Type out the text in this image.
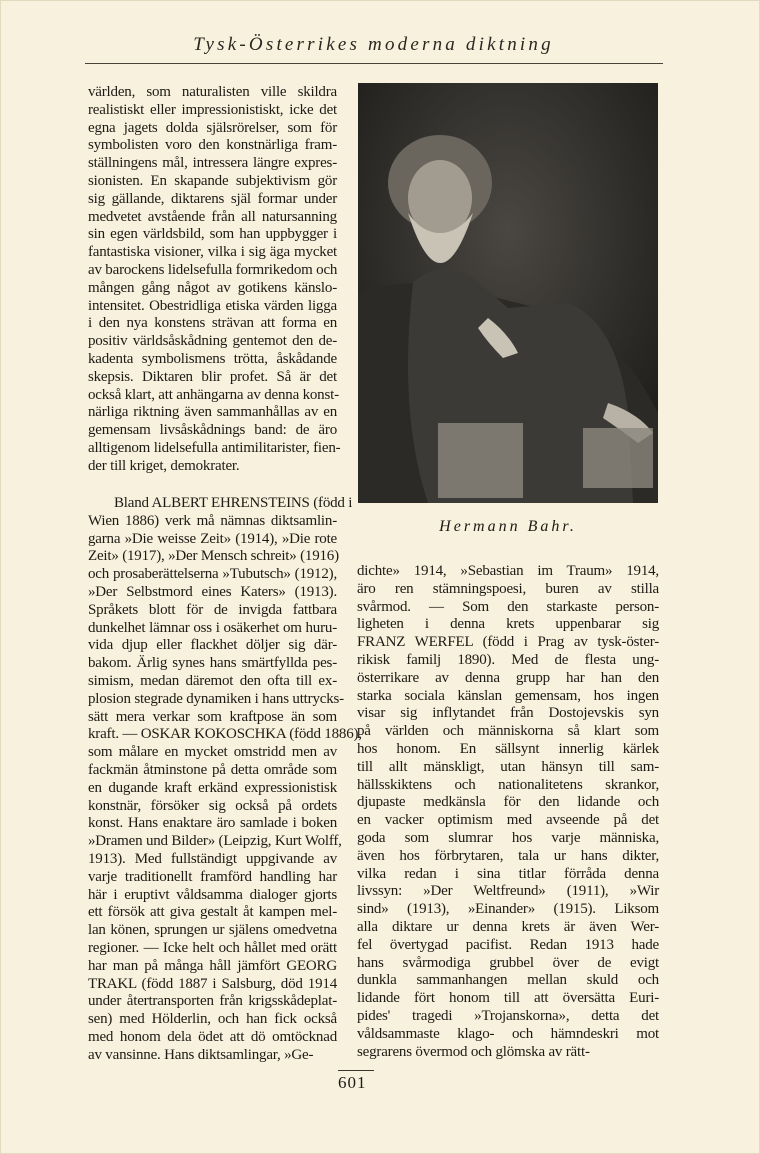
Tysk-Österrikes moderna diktning
världen, som naturalisten ville skildra
realistiskt eller impressionistiskt, icke det
egna jagets dolda själsrörelser, som för
symbolisten voro den konstnärliga fram-
ställningens mål, intressera längre expres-
sionisten. En skapande subjektivism gör
sig gällande, diktarens själ formar under
medvetet avstående från all natursanning
sin egen världsbild, som han uppbygger i
fantastiska visioner, vilka i sig äga mycket
av barockens lidelsefulla formrikedom och
mången gång något av gotikens känslo-
intensitet. Obestridliga etiska värden ligga
i den nya konstens strävan att forma en
positiv världsåskådning gentemot den de-
kadenta symbolismens trötta, åskådande
skepsis. Diktaren blir profet. Så är det
också klart, att anhängarna av denna konst-
närliga riktning även sammanhållas av en
gemensam livsåskådnings band: de äro
alltigenom lidelsefulla antimilitarister, fien-
der till kriget, demokrater.
Bland ALBERT EHRENSTEINS (född i
Wien 1886) verk må nämnas diktsamlin-
garna »Die weisse Zeit» (1914), »Die rote
Zeit» (1917), »Der Mensch schreit» (1916)
och prosaberättelserna »Tubutsch» (1912),
»Der Selbstmord eines Katers» (1913).
Språkets blott för de invigda fattbara
dunkelhet lämnar oss i osäkerhet om huru-
vida djup eller flackhet döljer sig där-
bakom. Ärlig synes hans smärtfyllda pes-
simism, medan däremot den ofta till ex-
plosion stegrade dynamiken i hans uttrycks-
sätt mera verkar som kraftpose än som
kraft. — OSKAR KOKOSCHKA (född 1886),
som målare en mycket omstridd men av
fackmän åtminstone på detta område som
en dugande kraft erkänd expressionistisk
konstnär, försöker sig också på ordets
konst. Hans enaktare äro samlade i boken
»Dramen und Bilder» (Leipzig, Kurt Wolff,
1913). Med fullständigt uppgivande av
varje traditionellt framförd handling har
här i eruptivt våldsamma dialoger gjorts
ett försök att giva gestalt åt kampen mel-
lan könen, sprungen ur själens omedvetna
regioner. — Icke helt och hållet med orätt
har man på många håll jämfört GEORG
TRAKL (född 1887 i Salsburg, död 1914
under återtransporten från krigsskådeplat-
sen) med Hölderlin, och han fick också
med honom dela ödet att dö omtöcknad
av vansinne. Hans diktsamlingar, »Ge-
Hermann Bahr.
dichte» 1914, »Sebastian im Traum» 1914,
äro ren stämningspoesi, buren av stilla
svårmod. — Som den starkaste person-
ligheten i denna krets uppenbarar sig
FRANZ WERFEL (född i Prag av tysk-öster-
rikisk familj 1890). Med de flesta ung-
österrikare av denna grupp har han den
starka sociala känslan gemensam, hos ingen
visar sig inflytandet från Dostojevskis syn
på världen och människorna så klart som
hos honom. En sällsynt innerlig kärlek
till allt mänskligt, utan hänsyn till sam-
hällsskiktens och nationalitetens skrankor,
djupaste medkänsla för den lidande och
en vacker optimism med avseende på det
goda som slumrar hos varje människa,
även hos förbrytaren, tala ur hans dikter,
vilka redan i sina titlar förråda denna
livssyn: »Der Weltfreund» (1911), »Wir
sind» (1913), »Einander» (1915). Liksom
alla diktare ur denna krets är även Wer-
fel övertygad pacifist. Redan 1913 hade
hans svårmodiga grubbel över de evigt
dunkla sammanhangen mellan skuld och
lidande fört honom till att översätta Euri-
pides' tragedi »Trojanskorna», detta det
våldsammaste klago- och hämndeskri mot
segrarens övermod och glömska av rätt-
601
